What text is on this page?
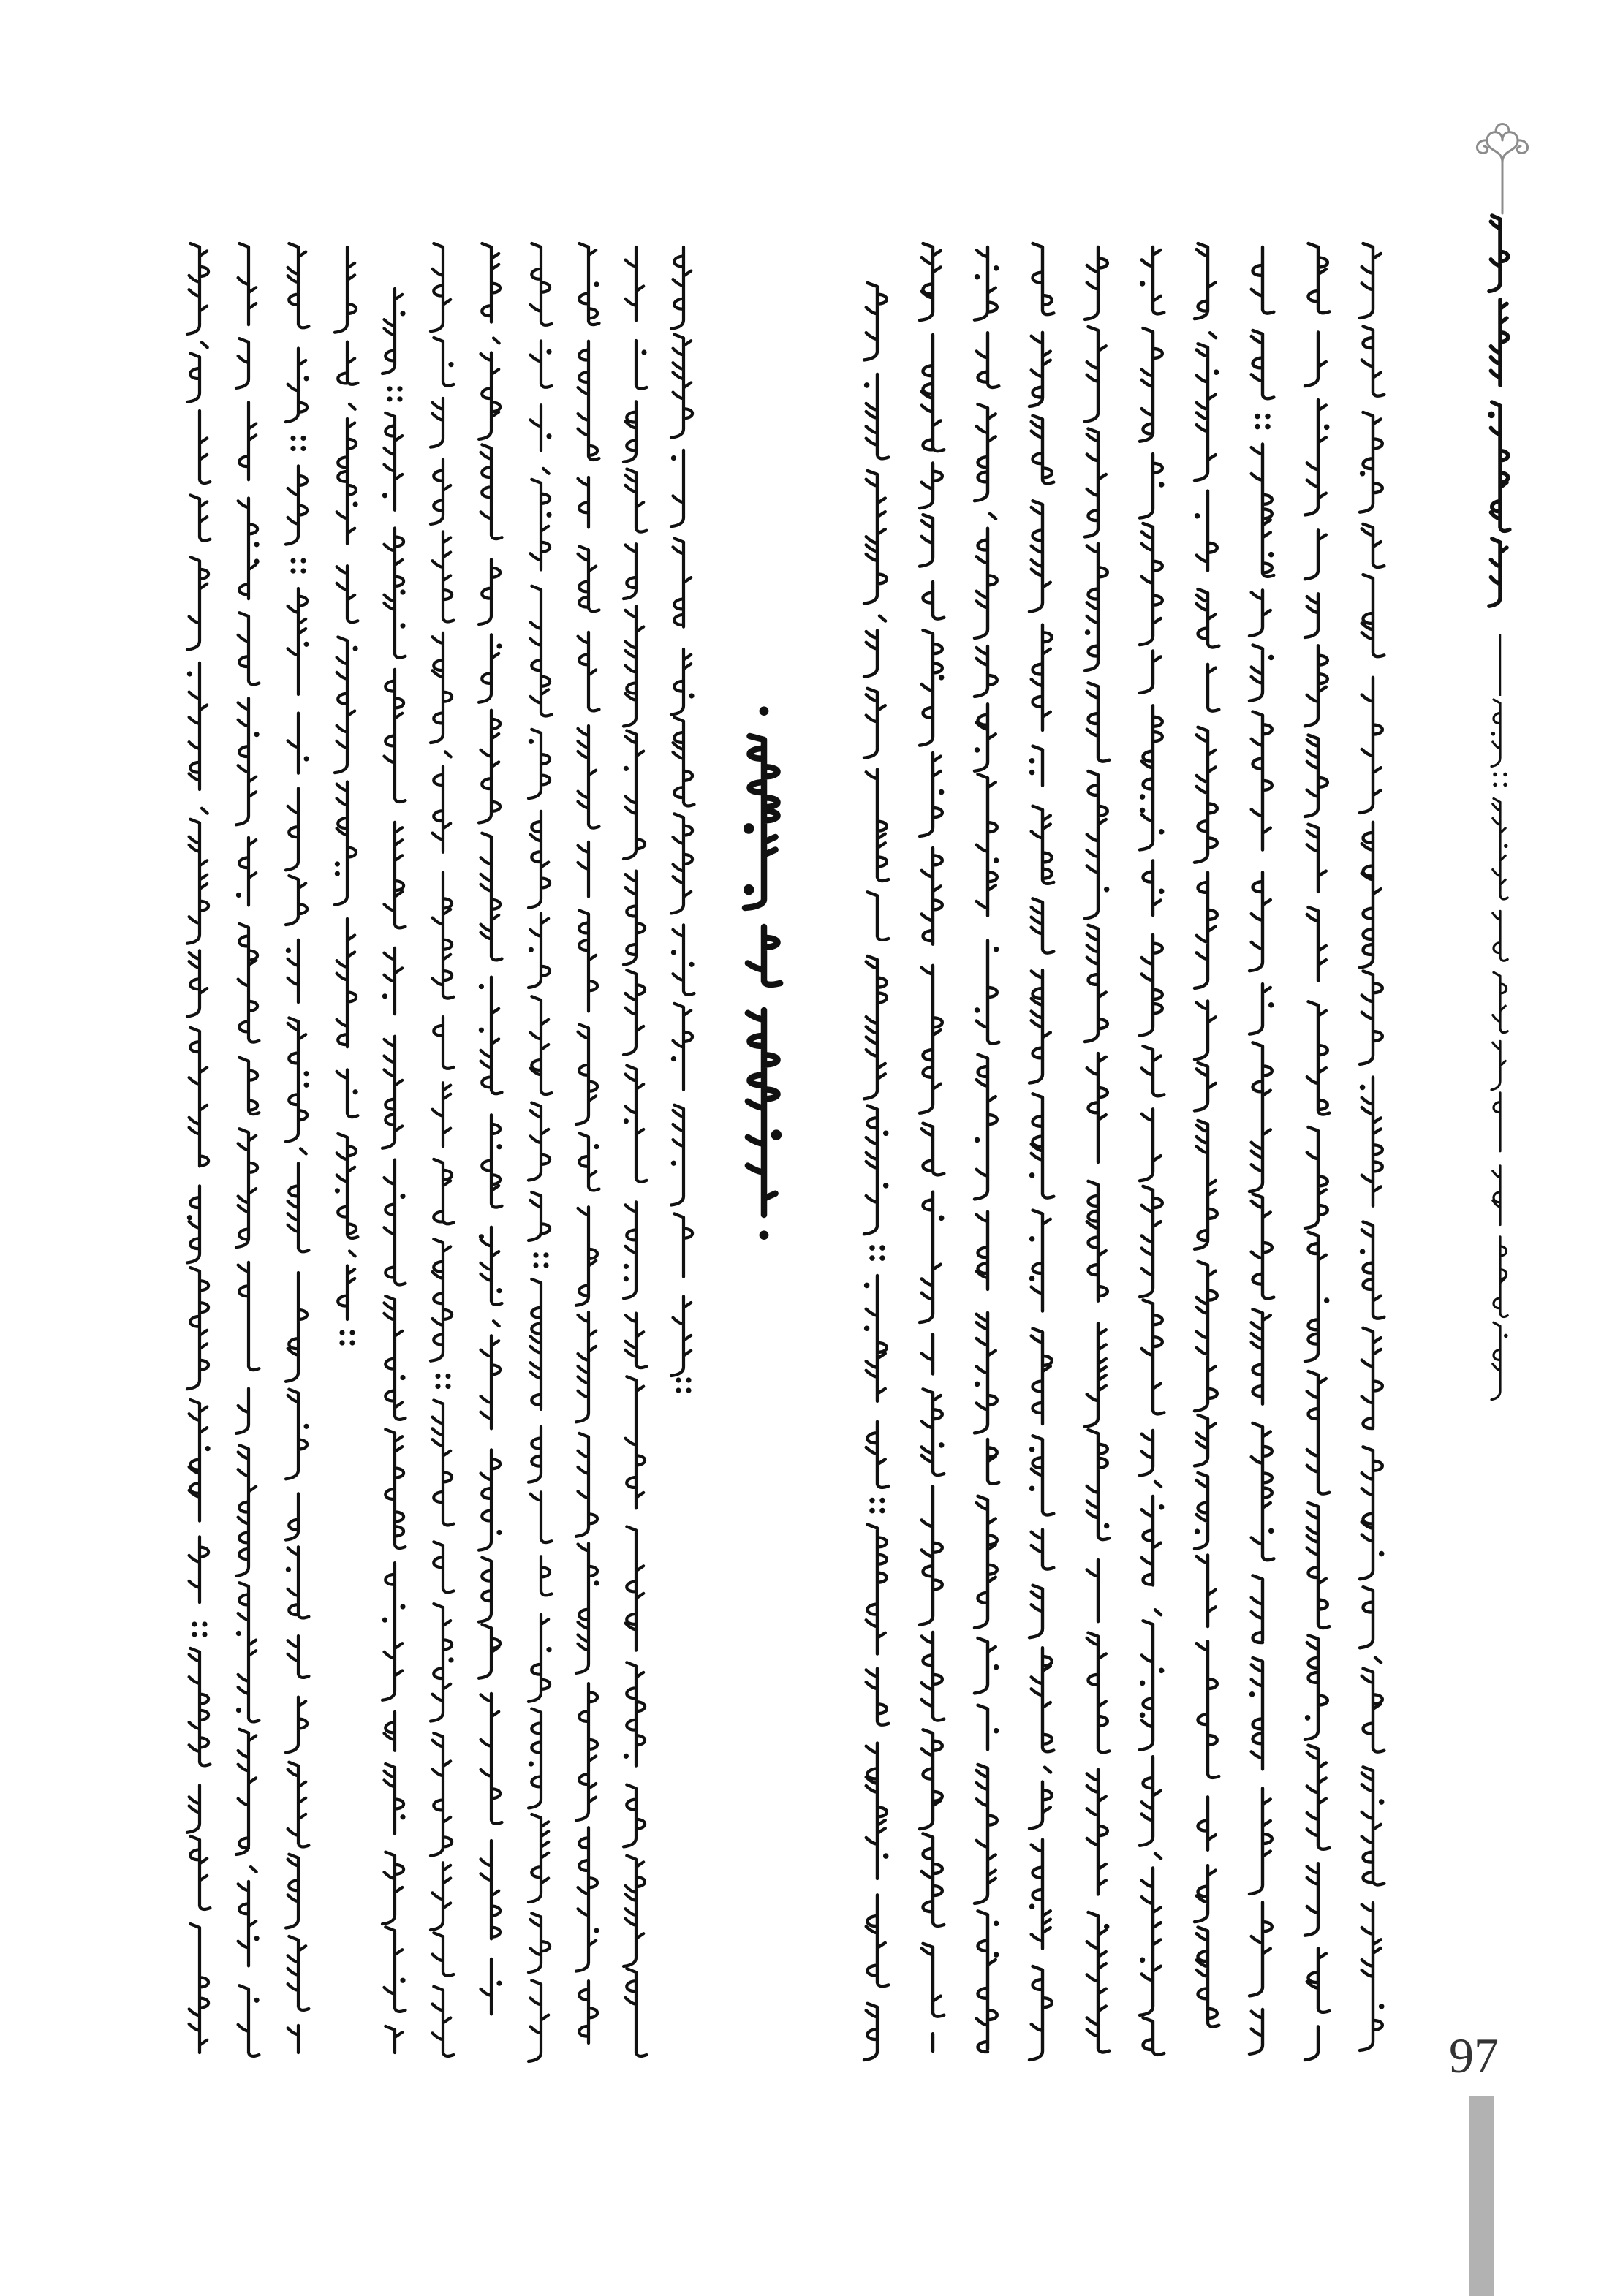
•
•
97
